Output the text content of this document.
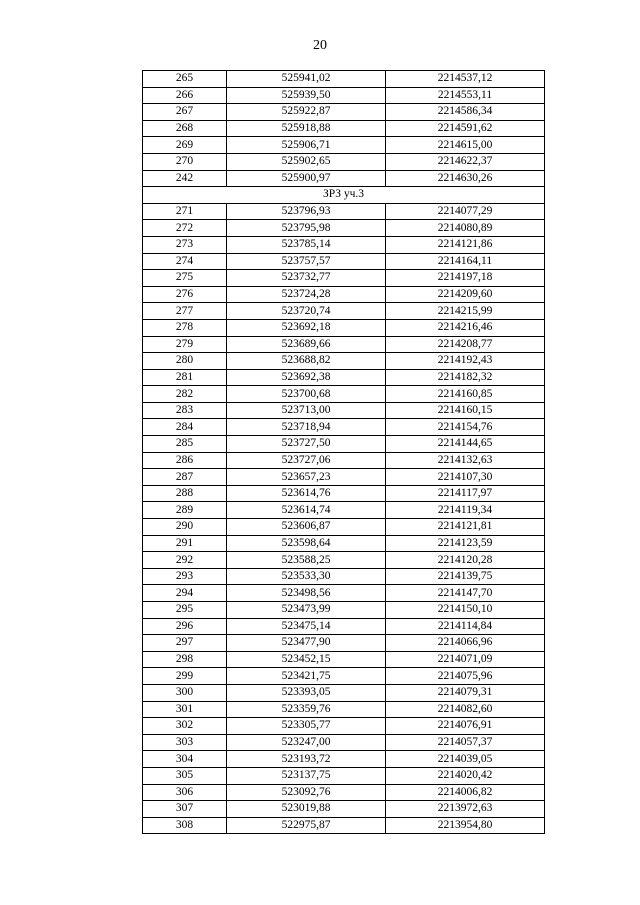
20
265	525941,02	2214537,12
266	525939,50	2214553,11
267	525922,87	2214586,34
268	525918,88	2214591,62
269	525906,71	2214615,00
270	525902,65	2214622,37
242	525900,97	2214630,26
ЗРЗ уч.3		
271	523796,93	2214077,29
272	523795,98	2214080,89
273	523785,14	2214121,86
274	523757,57	2214164,11
275	523732,77	2214197,18
276	523724,28	2214209,60
277	523720,74	2214215,99
278	523692,18	2214216,46
279	523689,66	2214208,77
280	523688,82	2214192,43
281	523692,38	2214182,32
282	523700,68	2214160,85
283	523713,00	2214160,15
284	523718,94	2214154,76
285	523727,50	2214144,65
286	523727,06	2214132,63
287	523657,23	2214107,30
288	523614,76	2214117,97
289	523614,74	2214119,34
290	523606,87	2214121,81
291	523598,64	2214123,59
292	523588,25	2214120,28
293	523533,30	2214139,75
294	523498,56	2214147,70
295	523473,99	2214150,10
296	523475,14	2214114,84
297	523477,90	2214066,96
298	523452,15	2214071,09
299	523421,75	2214075,96
300	523393,05	2214079,31
301	523359,76	2214082,60
302	523305,77	2214076,91
303	523247,00	2214057,37
304	523193,72	2214039,05
305	523137,75	2214020,42
306	523092,76	2214006,82
307	523019,88	2213972,63
308	522975,87	2213954,80
